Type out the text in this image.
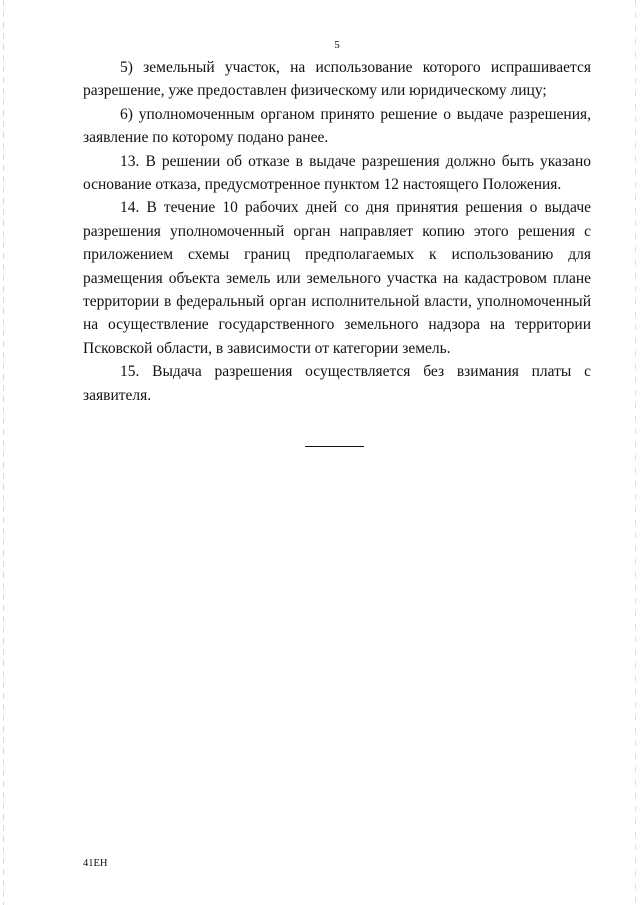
5

5) земельный участок, на использование которого испрашивается разрешение, уже предоставлен физическому или юридическому лицу;

6) уполномоченным органом принято решение о выдаче разрешения, заявление по которому подано ранее.

13. В решении об отказе в выдаче разрешения должно быть указано основание отказа, предусмотренное пунктом 12 настоящего Положения.

14. В течение 10 рабочих дней со дня принятия решения о выдаче разрешения уполномоченный орган направляет копию этого решения с приложением схемы границ предполагаемых к использованию для размещения объекта земель или земельного участка на кадастровом плане территории в федеральный орган исполнительной власти, уполномоченный на осуществление государственного земельного надзора на территории Псковской области, в зависимости от категории земель.

15. Выдача разрешения осуществляется без взимания платы с заявителя.

41EH
